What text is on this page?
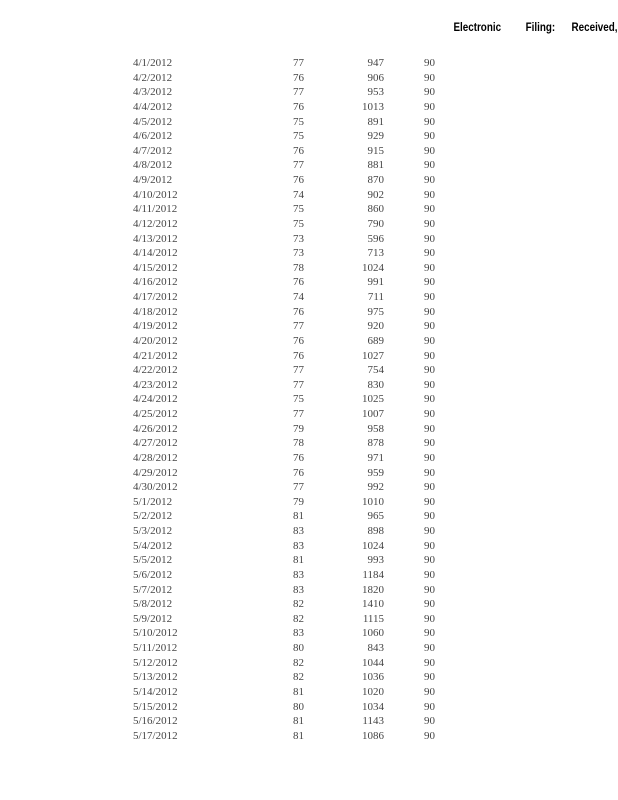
Electronic Filing: Received,
4/1/2012	77	947	90
4/2/2012	76	906	90
4/3/2012	77	953	90
4/4/2012	76	1013	90
4/5/2012	75	891	90
4/6/2012	75	929	90
4/7/2012	76	915	90
4/8/2012	77	881	90
4/9/2012	76	870	90
4/10/2012	74	902	90
4/11/2012	75	860	90
4/12/2012	75	790	90
4/13/2012	73	596	90
4/14/2012	73	713	90
4/15/2012	78	1024	90
4/16/2012	76	991	90
4/17/2012	74	711	90
4/18/2012	76	975	90
4/19/2012	77	920	90
4/20/2012	76	689	90
4/21/2012	76	1027	90
4/22/2012	77	754	90
4/23/2012	77	830	90
4/24/2012	75	1025	90
4/25/2012	77	1007	90
4/26/2012	79	958	90
4/27/2012	78	878	90
4/28/2012	76	971	90
4/29/2012	76	959	90
4/30/2012	77	992	90
5/1/2012	79	1010	90
5/2/2012	81	965	90
5/3/2012	83	898	90
5/4/2012	83	1024	90
5/5/2012	81	993	90
5/6/2012	83	1184	90
5/7/2012	83	1820	90
5/8/2012	82	1410	90
5/9/2012	82	1115	90
5/10/2012	83	1060	90
5/11/2012	80	843	90
5/12/2012	82	1044	90
5/13/2012	82	1036	90
5/14/2012	81	1020	90
5/15/2012	80	1034	90
5/16/2012	81	1143	90
5/17/2012	81	1086	90
